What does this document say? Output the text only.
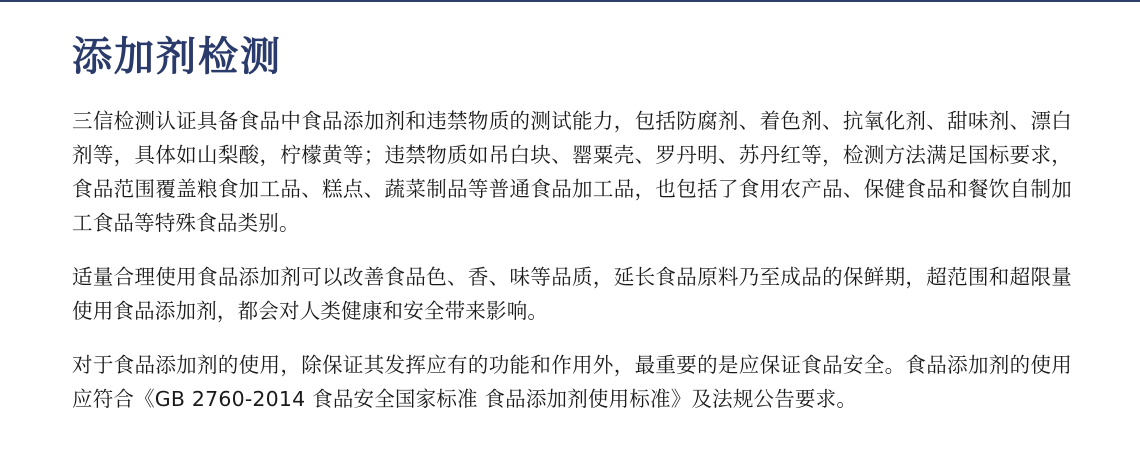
添加剂检测

三信检测认证具备食品中食品添加剂和违禁物质的测试能力，包括防腐剂、着色剂、抗氧化剂、甜味剂、漂白剂等，具体如山梨酸，柠檬黄等；违禁物质如吊白块、罂粟壳、罗丹明、苏丹红等，检测方法满足国标要求，食品范围覆盖粮食加工品、糕点、蔬菜制品等普通食品加工品，也包括了食用农产品、保健食品和餐饮自制加工食品等特殊食品类别。

适量合理使用食品添加剂可以改善食品色、香、味等品质，延长食品原料乃至成品的保鲜期，超范围和超限量使用食品添加剂，都会对人类健康和安全带来影响。

对于食品添加剂的使用，除保证其发挥应有的功能和作用外，最重要的是应保证食品安全。食品添加剂的使用应符合《GB 2760-2014 食品安全国家标准 食品添加剂使用标准》及法规公告要求。
